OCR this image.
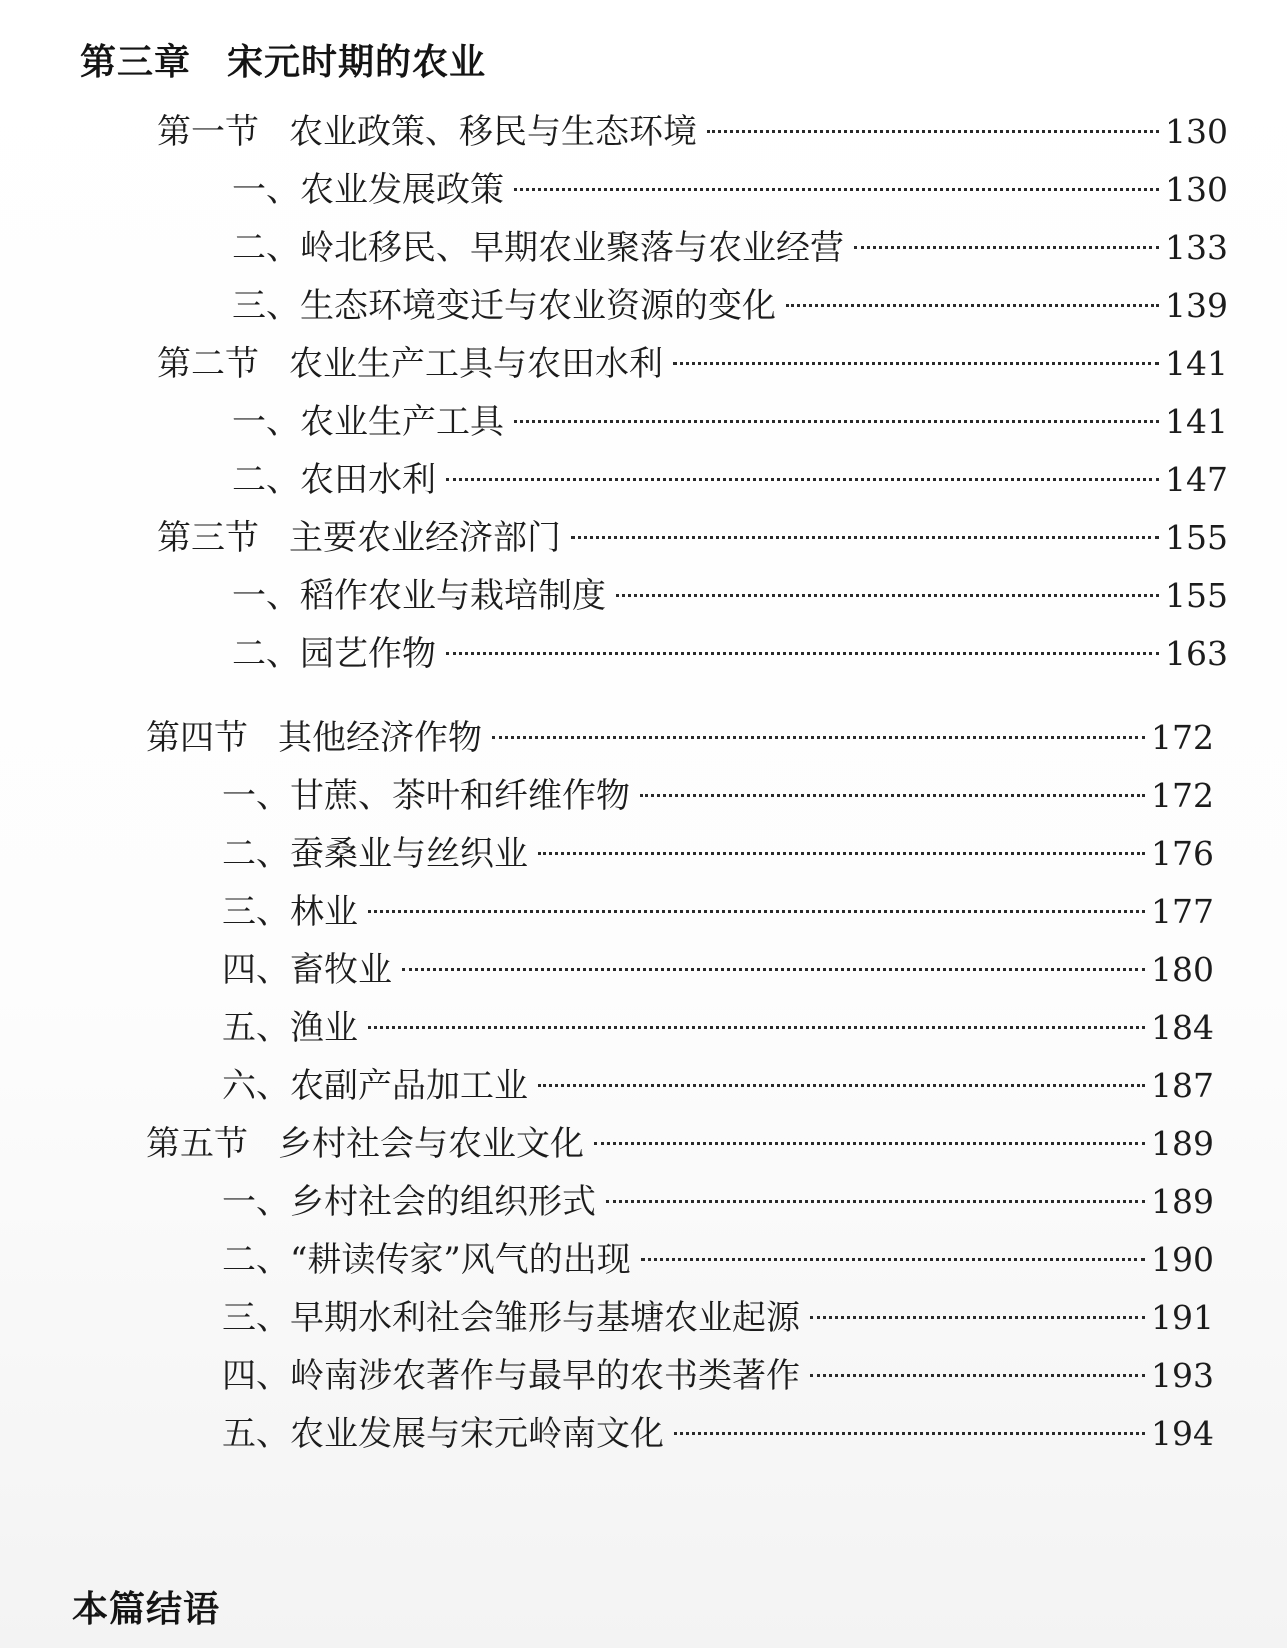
第三章 宋元时期的农业
第一节 农业政策、移民与生态环境	130
一、农业发展政策	130
二、岭北移民、早期农业聚落与农业经营	133
三、生态环境变迁与农业资源的变化	139
第二节 农业生产工具与农田水利	141
一、农业生产工具	141
二、农田水利	147
第三节 主要农业经济部门	155
一、稻作农业与栽培制度	155
二、园艺作物	163
第四节 其他经济作物	172
一、甘蔗、茶叶和纤维作物	172
二、蚕桑业与丝织业	176
三、林业	177
四、畜牧业	180
五、渔业	184
六、农副产品加工业	187
第五节 乡村社会与农业文化	189
一、乡村社会的组织形式	189
二、“耕读传家”风气的出现	190
三、早期水利社会雏形与基塘农业起源	191
四、岭南涉农著作与最早的农书类著作	193
五、农业发展与宋元岭南文化	194
本篇结语
